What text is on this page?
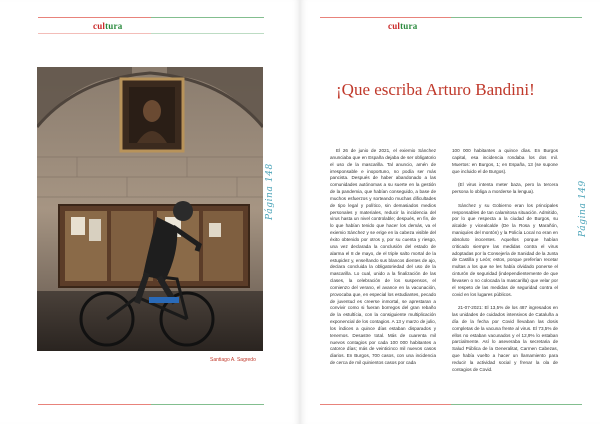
cultura
Página 148
Santiago A. Sagredo
cultura
Página 149
¡Que escriba Arturo Bandini!

El 26 de junio de 2021, el exiemio Sánchez anunciaba que en España dejaba de ser obligatorio el uso de la mascarilla. Tal anuncio, amén de irresponsable e inoportuno, no podía ser más pancista. Después de haber abandonado a las comunidades autónomas a su suerte en la gestión de la pandemia, que habían conseguido, a base de muchos esfuerzos y sorteando muchas dificultades de tipo legal y político, sin demasiados medios personales y materiales, reducir la incidencia del virus hasta un nivel controlable; después, en fin, de lo que habían tenido que hacer los demás, va el exiemio Sánchez y se erige en la cabeza visible del éxito obtenido por otros y, por su cuenta y riesgo, una vez declarada la conclusión del estado de alarma el 8 de mayo, de el triple salto mortal de la estupidez y, enseñando sus blancos dientes de ajo, declara concluida la obligatoriedad del uso de la mascarilla. Lo cual, unido a la finalización de las clases, la celebración de los suspensos, el comienzo del verano, el avance en la vacunación, provocaba que, en especial los estudiantes, pecado de juventud es creerse inmortal, se aprestaran a convivir como si fueran borregos del gran rebaño de la estultícia, con la consiguiente multiplicación exponencial de los contagios. A 13 y marzo de julio, los índices a quince días estaban disparados y tenemos. Desastre total. Más de cuarenta mil nuevos contagios por cada 100 000 habitantes a catorce días; más de veinticinco mil nuevos casos diarios. En Burgos, 700 casos, con una incidencia de cerca de mil quinientos casos por cada

100 000 habitantes a quince días. En Burgos capital, esa incidencia rondaba los dos mil. Muertos: en Burgos, 1; en España, 13 (se supone que incluido el de Burgos).

(El virus intenta meter baza, pero la tercera persona lo obliga a morderse la lengua).

Sánchez y su Gobierno eran los principales responsables de tan calamitosa situación. Admitido, por lo que respecta a la ciudad de Burgos, su alcalde y vicealcalde (De la Rosa y Marañón, maniquíes del montón) y la Policía Local no eran en absoluto inocentes. Aquellos porque habían criticado siempre las medidas contra el virus adoptadas por la Consejería de Sanidad de la Junta de Castilla y León; estos, porque preferían recetar multas a los que se les había olvidado ponerse el cinturón de seguridad (independientemente de que llevasen o no colocada la mascarilla) que velar por el respeto de las medidas de seguridad contra el covid en los lugares públicos.

21-07-2021: El 13,5% de los 487 ingresados en las unidades de cuidados intensivos de Cataluña a día de la fecha por Covid llevaban las dosis completas de la vacuna frente al virus. El 73,5% de ellos no estaban vacunados y el 12,9% lo estaban parcialmente. Así lo aseveraba la secretaria de Salud Pública de la Generalitat, Carmen Cabezas, que había vuelto a hacer un llamamiento para reducir la actividad social y frenar la ola de contagios de Covid.
